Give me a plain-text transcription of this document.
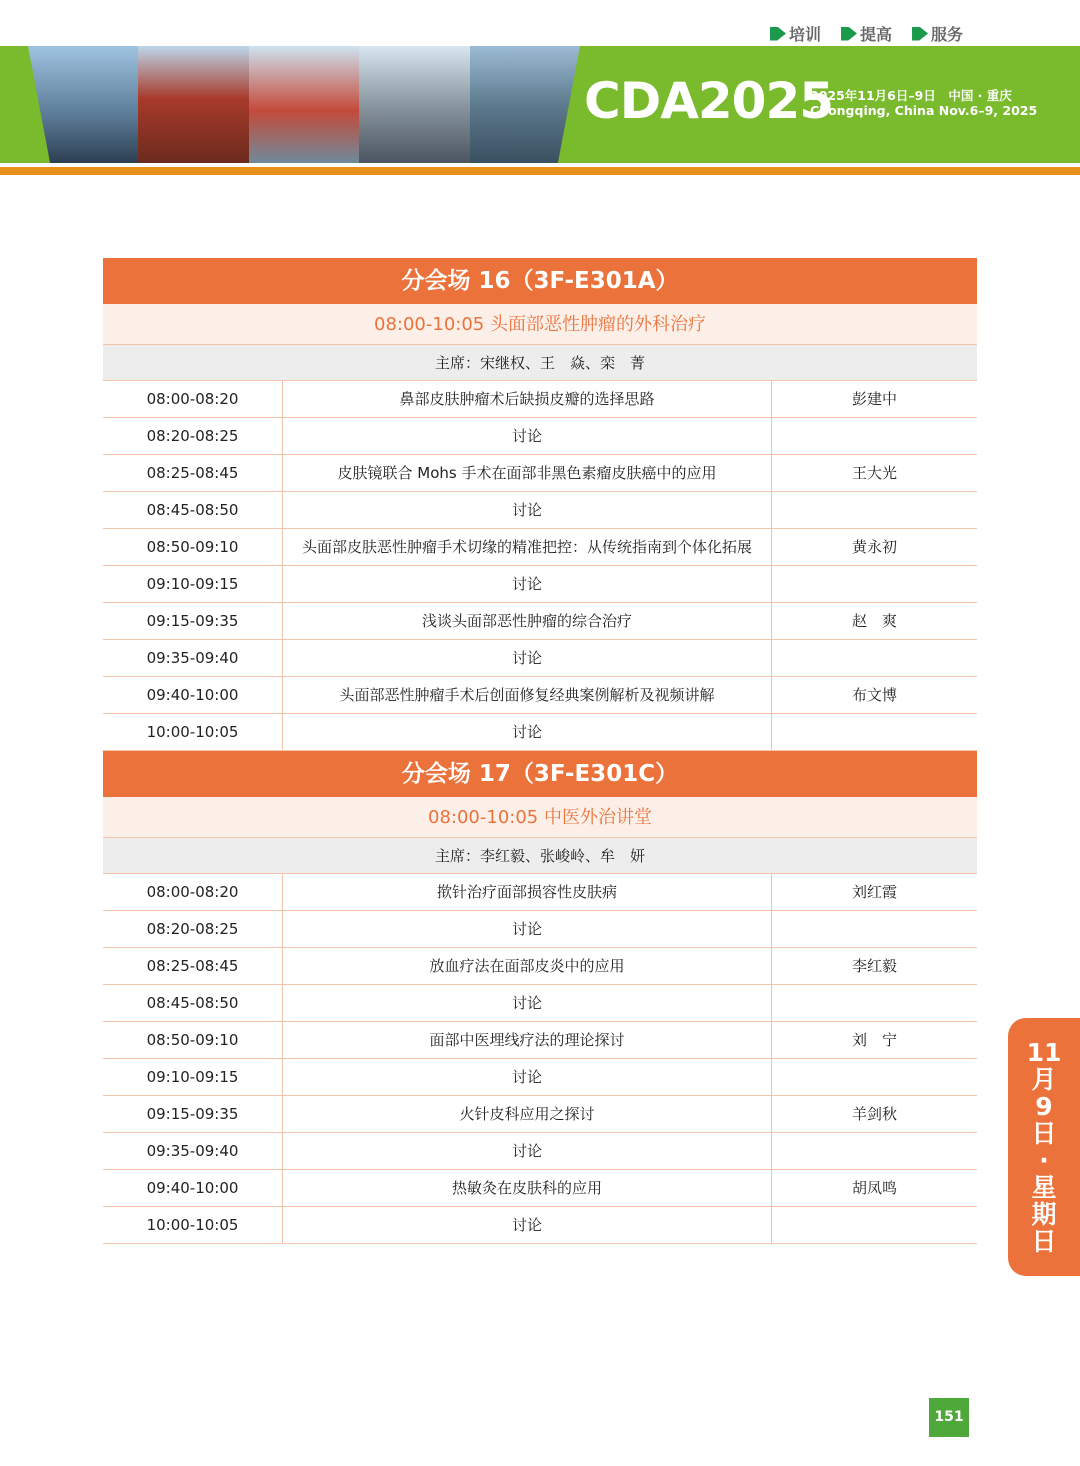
培训 提高 服务
CDA2025
2025年11月6日–9日　中国 · 重庆
Chongqing, China Nov.6–9, 2025
分会场 16（3F-E301A）
08:00-10:05 头面部恶性肿瘤的外科治疗
主席：宋继权、王　焱、栾　菁
08:00-08:20	鼻部皮肤肿瘤术后缺损皮瓣的选择思路	彭建中
08:20-08:25	讨论
08:25-08:45	皮肤镜联合 Mohs 手术在面部非黑色素瘤皮肤癌中的应用	王大光
08:45-08:50	讨论
08:50-09:10	头面部皮肤恶性肿瘤手术切缘的精准把控：从传统指南到个体化拓展	黄永初
09:10-09:15	讨论
09:15-09:35	浅谈头面部恶性肿瘤的综合治疗	赵　爽
09:35-09:40	讨论
09:40-10:00	头面部恶性肿瘤手术后创面修复经典案例解析及视频讲解	布文博
10:00-10:05	讨论
分会场 17（3F-E301C）
08:00-10:05 中医外治讲堂
主席：李红毅、张峻岭、牟　妍
08:00-08:20	揿针治疗面部损容性皮肤病	刘红霞
08:20-08:25	讨论
08:25-08:45	放血疗法在面部皮炎中的应用	李红毅
08:45-08:50	讨论
08:50-09:10	面部中医埋线疗法的理论探讨	刘　宁
09:10-09:15	讨论
09:15-09:35	火针皮科应用之探讨	羊剑秋
09:35-09:40	讨论
09:40-10:00	热敏灸在皮肤科的应用	胡凤鸣
10:00-10:05	讨论
11
月
9
日
·
星
期
日
151
